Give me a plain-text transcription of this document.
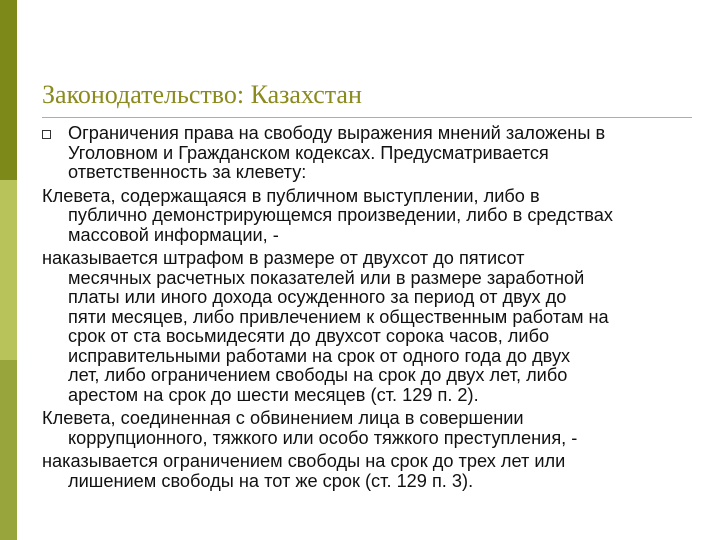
Законодательство: Казахстан
Ограничения права на свободу выражения мнений заложены в
Уголовном и Гражданском кодексах. Предусматривается
ответственность за клевету:
Клевета, содержащаяся в публичном выступлении, либо в
публично демонстрирующемся произведении, либо в средствах
массовой информации, -
наказывается штрафом в размере от двухсот до пятисот
месячных расчетных показателей или в размере заработной
платы или иного дохода осужденного за период от двух до
пяти месяцев, либо привлечением к общественным работам на
срок от ста восьмидесяти до двухсот сорока часов, либо
исправительными работами на срок от одного года до двух
лет, либо ограничением свободы на срок до двух лет, либо
арестом на срок до шести месяцев (ст. 129 п. 2).
Клевета, соединенная с обвинением лица в совершении
коррупционного, тяжкого или особо тяжкого преступления, -
наказывается ограничением свободы на срок до трех лет или
лишением свободы на тот же срок (ст. 129 п. 3).
